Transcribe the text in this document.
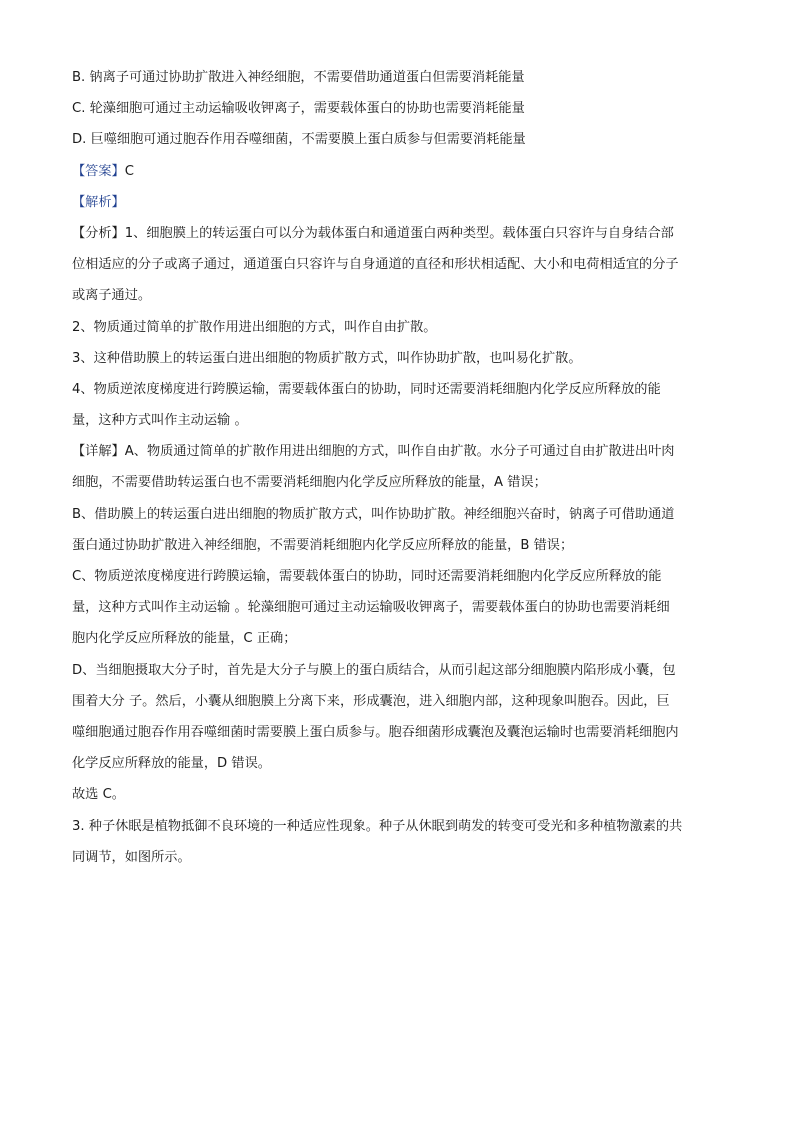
B. 钠离子可通过协助扩散进入神经细胞，不需要借助通道蛋白但需要消耗能量
C. 轮藻细胞可通过主动运输吸收钾离子，需要载体蛋白的协助也需要消耗能量
D. 巨噬细胞可通过胞吞作用吞噬细菌，不需要膜上蛋白质参与但需要消耗能量
【答案】C
【解析】
【分析】1、细胞膜上的转运蛋白可以分为载体蛋白和通道蛋白两种类型。载体蛋白只容许与自身结合部
位相适应的分子或离子通过，通道蛋白只容许与自身通道的直径和形状相适配、大小和电荷相适宜的分子
或离子通过。
2、物质通过简单的扩散作用进出细胞的方式，叫作自由扩散。
3、这种借助膜上的转运蛋白进出细胞的物质扩散方式，叫作协助扩散，也叫易化扩散。
4、物质逆浓度梯度进行跨膜运输，需要载体蛋白的协助，同时还需要消耗细胞内化学反应所释放的能
量，这种方式叫作主动运输 。
【详解】A、物质通过简单的扩散作用进出细胞的方式，叫作自由扩散。水分子可通过自由扩散进出叶肉
细胞，不需要借助转运蛋白也不需要消耗细胞内化学反应所释放的能量，A 错误；
B、借助膜上的转运蛋白进出细胞的物质扩散方式，叫作协助扩散。神经细胞兴奋时，钠离子可借助通道
蛋白通过协助扩散进入神经细胞，不需要消耗细胞内化学反应所释放的能量，B 错误；
C、物质逆浓度梯度进行跨膜运输，需要载体蛋白的协助，同时还需要消耗细胞内化学反应所释放的能
量，这种方式叫作主动运输 。轮藻细胞可通过主动运输吸收钾离子，需要载体蛋白的协助也需要消耗细
胞内化学反应所释放的能量，C 正确；
D、当细胞摄取大分子时，首先是大分子与膜上的蛋白质结合，从而引起这部分细胞膜内陷形成小囊，包
围着大分 子。然后，小囊从细胞膜上分离下来，形成囊泡，进入细胞内部，这种现象叫胞吞。因此，巨
噬细胞通过胞吞作用吞噬细菌时需要膜上蛋白质参与。胞吞细菌形成囊泡及囊泡运输时也需要消耗细胞内
化学反应所释放的能量，D 错误。
故选 C。
3. 种子休眠是植物抵御不良环境的一种适应性现象。种子从休眠到萌发的转变可受光和多种植物激素的共
同调节，如图所示。
